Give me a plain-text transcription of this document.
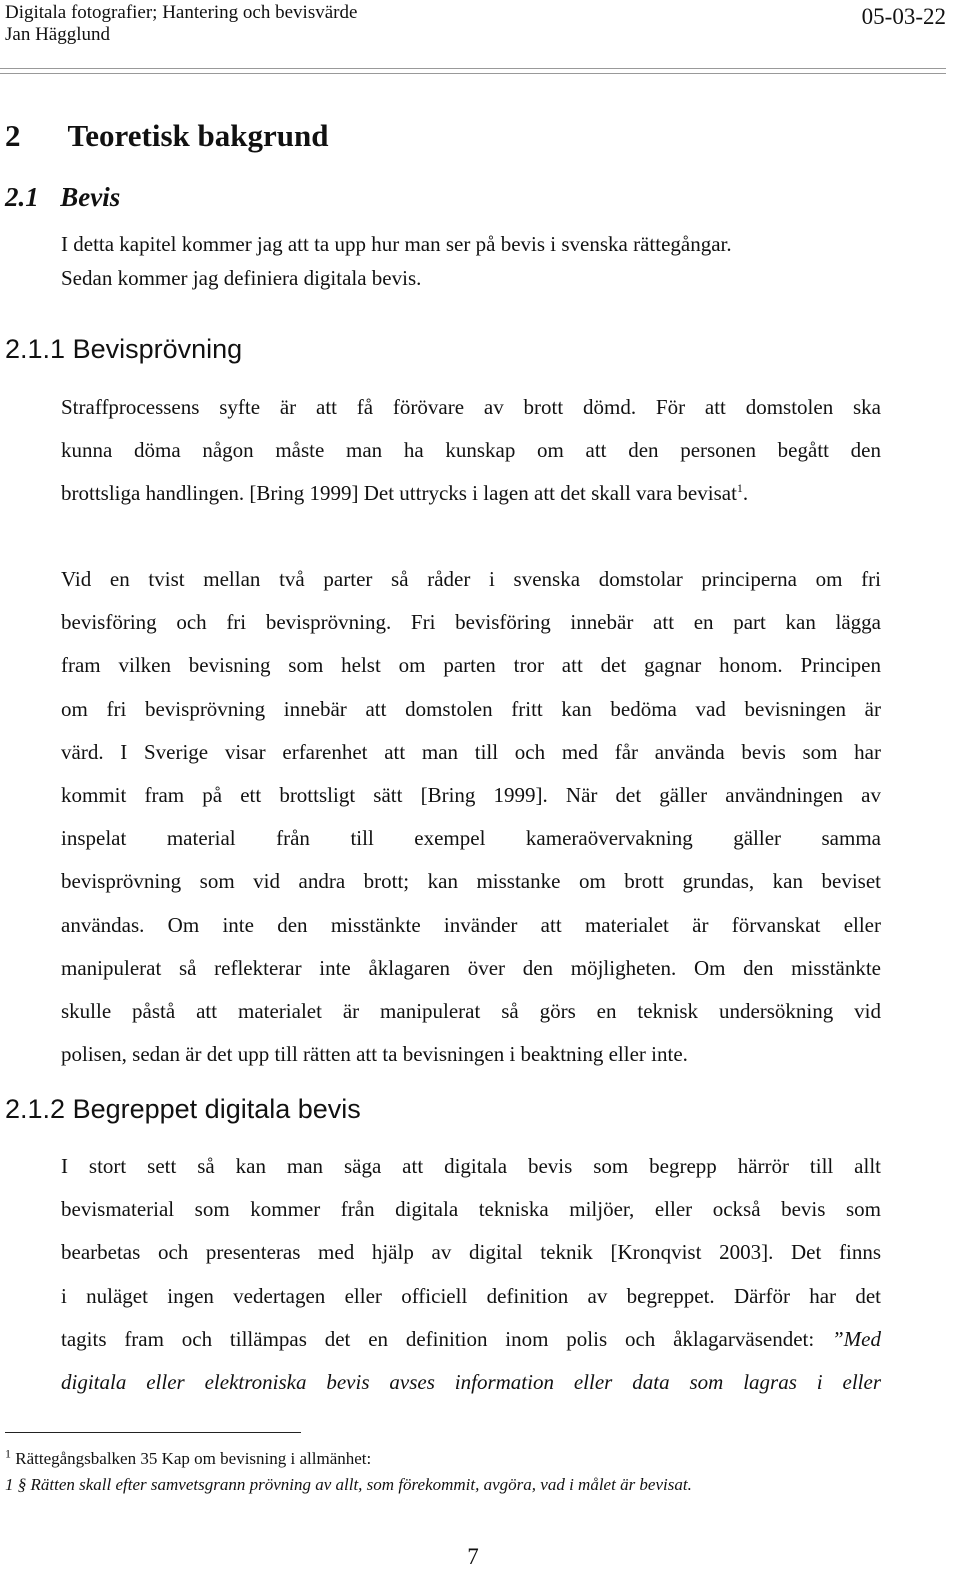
Digitala fotografier; Hantering och bevisvärde
Jan Hägglund
05-03-22
2 Teoretisk bakgrund
2.1 Bevis
I detta kapitel kommer jag att ta upp hur man ser på bevis i svenska rättegångar.
Sedan kommer jag definiera digitala bevis.
2.1.1 Bevisprövning
Straffprocessens syfte är att få förövare av brott dömd. För att domstolen ska
kunna döma någon måste man ha kunskap om att den personen begått den
brottsliga handlingen. [Bring 1999] Det uttrycks i lagen att det skall vara bevisat$^1$.
Vid en tvist mellan två parter så råder i svenska domstolar principerna om fri
bevisföring och fri bevisprövning. Fri bevisföring innebär att en part kan lägga
fram vilken bevisning som helst om parten tror att det gagnar honom. Principen
om fri bevisprövning innebär att domstolen fritt kan bedöma vad bevisningen är
värd. I Sverige visar erfarenhet att man till och med får använda bevis som har
kommit fram på ett brottsligt sätt [Bring 1999]. När det gäller användningen av
inspelat material från till exempel kameraövervakning gäller samma
bevisprövning som vid andra brott; kan misstanke om brott grundas, kan beviset
användas. Om inte den misstänkte invänder att materialet är förvanskat eller
manipulerat så reflekterar inte åklagaren över den möjligheten. Om den misstänkte
skulle påstå att materialet är manipulerat så görs en teknisk undersökning vid
polisen, sedan är det upp till rätten att ta bevisningen i beaktning eller inte.
2.1.2 Begreppet digitala bevis
I stort sett så kan man säga att digitala bevis som begrepp härrör till allt
bevismaterial som kommer från digitala tekniska miljöer, eller också bevis som
bearbetas och presenteras med hjälp av digital teknik [Kronqvist 2003]. Det finns
i nuläget ingen vedertagen eller officiell definition av begreppet. Därför har det
tagits fram och tillämpas det en definition inom polis och åklagarväsendet: ”Med
digitala eller elektroniska bevis avses information eller data som lagras i eller
$^1$ Rättegångsbalken 35 Kap om bevisning i allmänhet:
1 § Rätten skall efter samvetsgrann prövning av allt, som förekommit, avgöra, vad i målet är bevisat.
7
